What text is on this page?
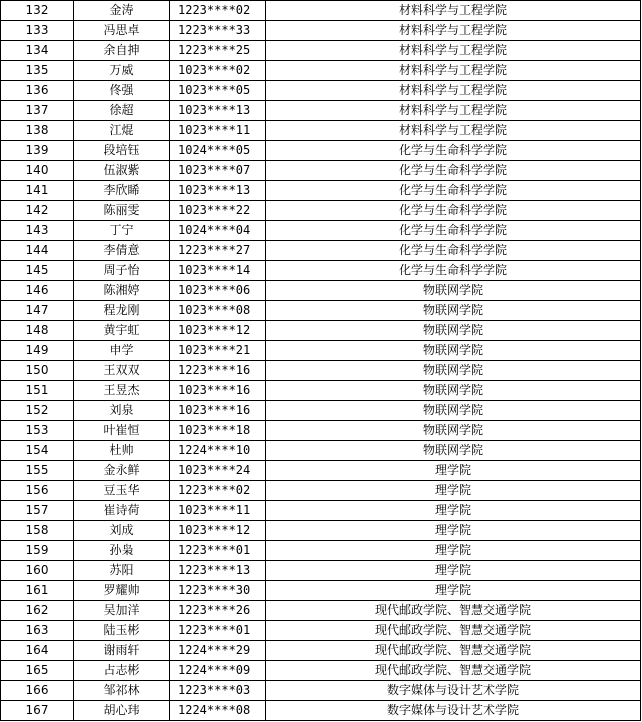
132	金涛	1223****02	材料科学与工程学院
133	冯思卓	1223****33	材料科学与工程学院
134	余自抻	1223****25	材料科学与工程学院
135	万威	1023****02	材料科学与工程学院
136	佟强	1023****05	材料科学与工程学院
137	徐超	1023****13	材料科学与工程学院
138	江焜	1023****11	材料科学与工程学院
139	段培钰	1024****05	化学与生命科学学院
140	伍淑紫	1023****07	化学与生命科学学院
141	李欣睎	1023****13	化学与生命科学学院
142	陈丽雯	1023****22	化学与生命科学学院
143	丁宁	1024****04	化学与生命科学学院
144	李倩意	1223****27	化学与生命科学学院
145	周子怡	1023****14	化学与生命科学学院
146	陈湘婷	1023****06	物联网学院
147	程龙刚	1023****08	物联网学院
148	黄宇虹	1023****12	物联网学院
149	申学	1023****21	物联网学院
150	王双双	1223****16	物联网学院
151	王昱杰	1023****16	物联网学院
152	刘泉	1023****16	物联网学院
153	叶崔恒	1023****18	物联网学院
154	杜帅	1224****10	物联网学院
155	金永鲜	1023****24	理学院
156	豆玉华	1223****02	理学院
157	崔诗荷	1023****11	理学院
158	刘成	1023****12	理学院
159	孙枭	1223****01	理学院
160	苏阳	1223****13	理学院
161	罗耀帅	1223****30	理学院
162	吴加洋	1223****26	现代邮政学院、智慧交通学院
163	陆玉彬	1223****01	现代邮政学院、智慧交通学院
164	谢雨轩	1224****29	现代邮政学院、智慧交通学院
165	占志彬	1224****09	现代邮政学院、智慧交通学院
166	邹祁林	1223****03	数字媒体与设计艺术学院
167	胡心玮	1224****08	数字媒体与设计艺术学院
